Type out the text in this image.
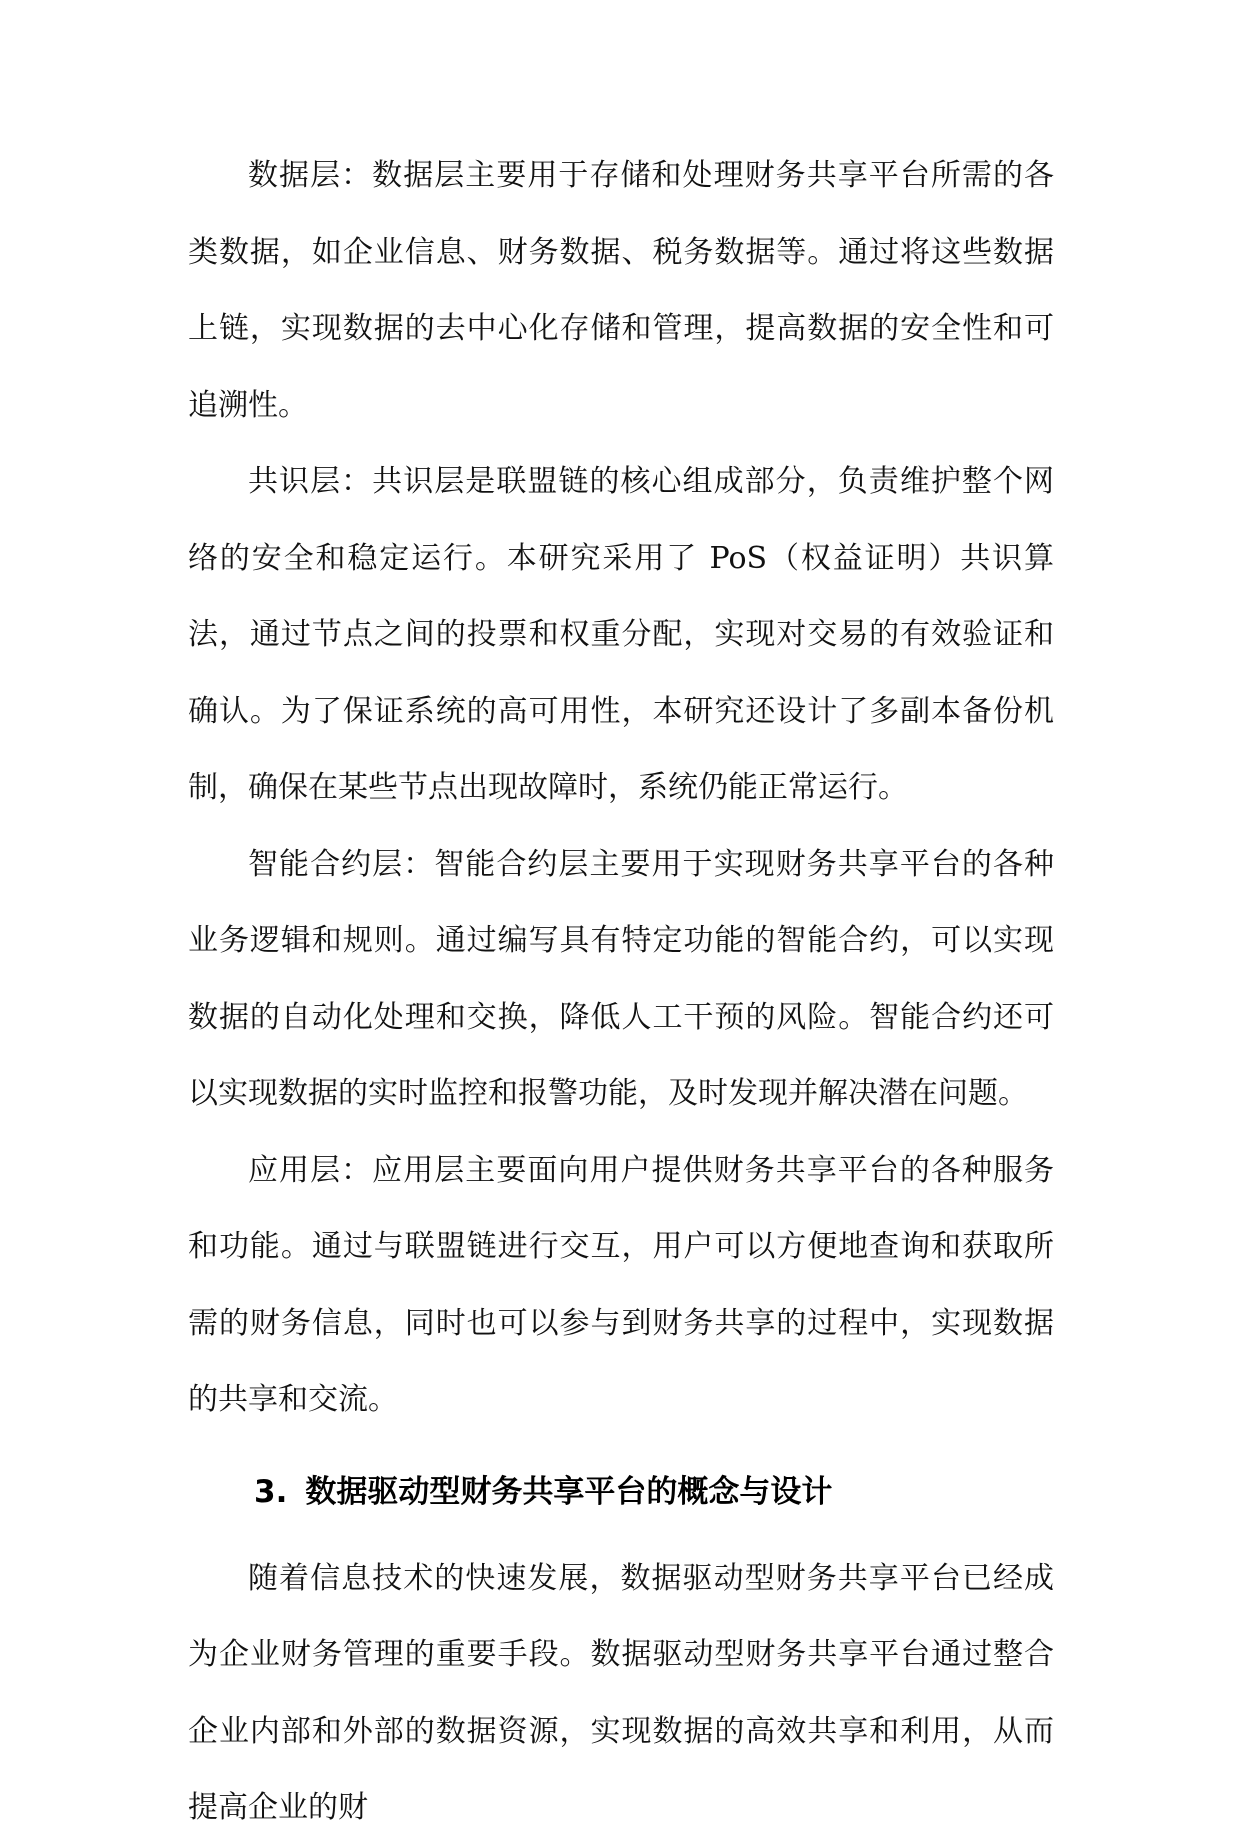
数据层：数据层主要用于存储和处理财务共享平台所需的各类数据，如企业信息、财务数据、税务数据等。通过将这些数据上链，实现数据的去中心化存储和管理，提高数据的安全性和可追溯性。

共识层：共识层是联盟链的核心组成部分，负责维护整个网络的安全和稳定运行。本研究采用了 PoS（权益证明）共识算法，通过节点之间的投票和权重分配，实现对交易的有效验证和确认。为了保证系统的高可用性，本研究还设计了多副本备份机制，确保在某些节点出现故障时，系统仍能正常运行。

智能合约层：智能合约层主要用于实现财务共享平台的各种业务逻辑和规则。通过编写具有特定功能的智能合约，可以实现数据的自动化处理和交换，降低人工干预的风险。智能合约还可以实现数据的实时监控和报警功能，及时发现并解决潜在问题。

应用层：应用层主要面向用户提供财务共享平台的各种服务和功能。通过与联盟链进行交互，用户可以方便地查询和获取所需的财务信息，同时也可以参与到财务共享的过程中，实现数据的共享和交流。

3. 数据驱动型财务共享平台的概念与设计

随着信息技术的快速发展，数据驱动型财务共享平台已经成为企业财务管理的重要手段。数据驱动型财务共享平台通过整合企业内部和外部的数据资源，实现数据的高效共享和利用，从而提高企业的财
